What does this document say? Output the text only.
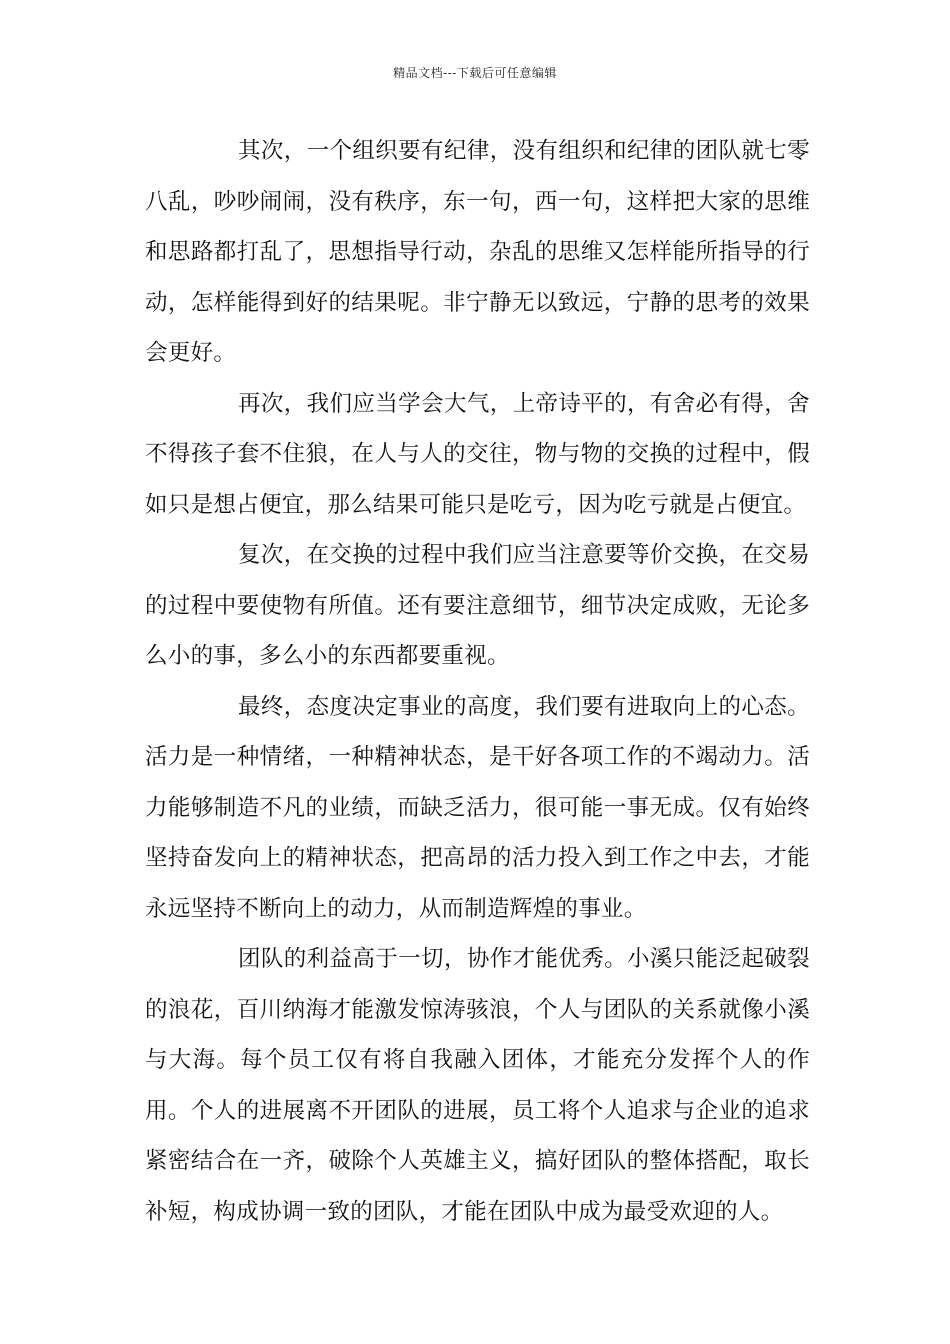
精品文档---下载后可任意编辑

其次，一个组织要有纪律，没有组织和纪律的团队就七零八乱，吵吵闹闹，没有秩序，东一句，西一句，这样把大家的思维和思路都打乱了，思想指导行动，杂乱的思维又怎样能所指导的行动，怎样能得到好的结果呢。非宁静无以致远，宁静的思考的效果会更好。

再次，我们应当学会大气，上帝诗平的，有舍必有得，舍不得孩子套不住狼，在人与人的交往，物与物的交换的过程中，假如只是想占便宜，那么结果可能只是吃亏，因为吃亏就是占便宜。

复次，在交换的过程中我们应当注意要等价交换，在交易的过程中要使物有所值。还有要注意细节，细节决定成败，无论多么小的事，多么小的东西都要重视。

最终，态度决定事业的高度，我们要有进取向上的心态。活力是一种情绪，一种精神状态，是干好各项工作的不竭动力。活力能够制造不凡的业绩，而缺乏活力，很可能一事无成。仅有始终坚持奋发向上的精神状态，把高昂的活力投入到工作之中去，才能永远坚持不断向上的动力，从而制造辉煌的事业。

团队的利益高于一切，协作才能优秀。小溪只能泛起破裂的浪花，百川纳海才能激发惊涛骇浪，个人与团队的关系就像小溪与大海。每个员工仅有将自我融入团体，才能充分发挥个人的作用。个人的进展离不开团队的进展，员工将个人追求与企业的追求紧密结合在一齐，破除个人英雄主义，搞好团队的整体搭配，取长补短，构成协调一致的团队，才能在团队中成为最受欢迎的人。
